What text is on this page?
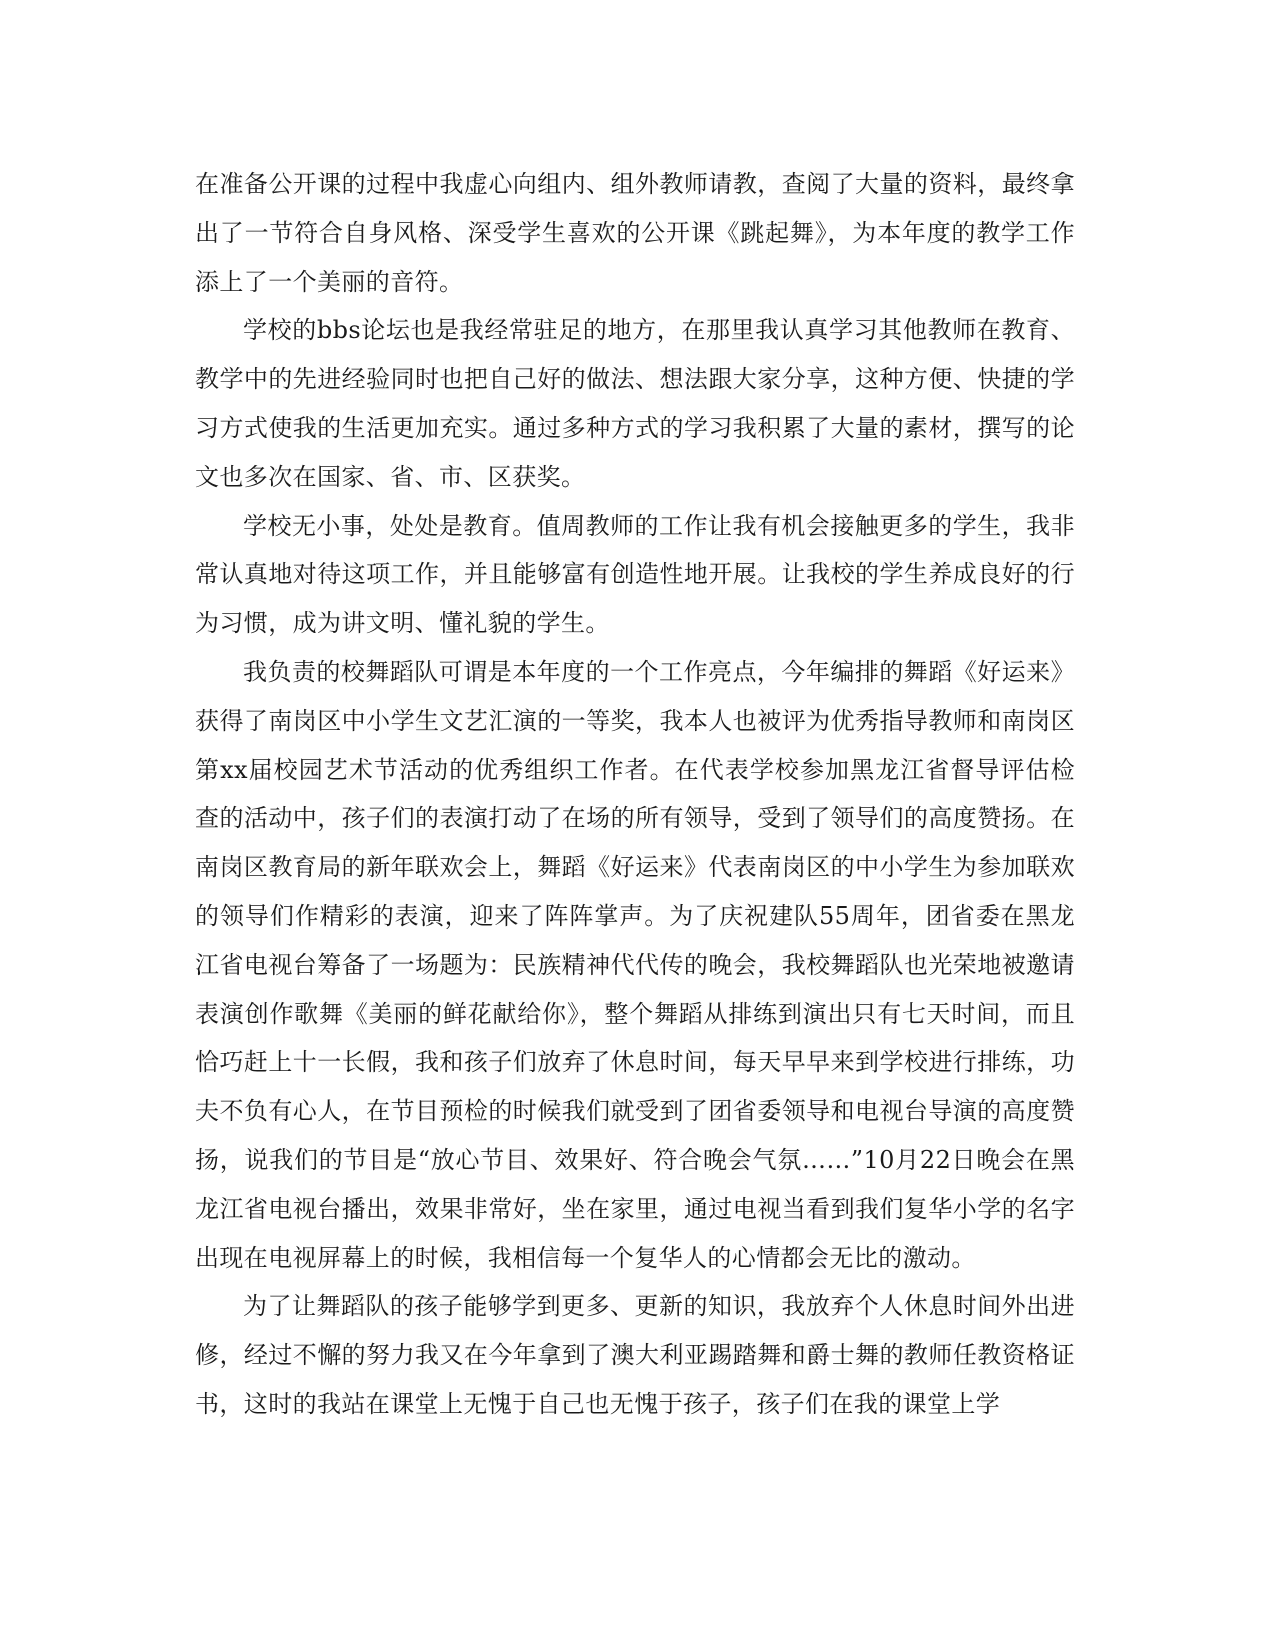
在准备公开课的过程中我虚心向组内、组外教师请教，查阅了大量的资料，最终拿出了一节符合自身风格、深受学生喜欢的公开课《跳起舞》，为本年度的教学工作添上了一个美丽的音符。

学校的bbs论坛也是我经常驻足的地方，在那里我认真学习其他教师在教育、教学中的先进经验同时也把自己好的做法、想法跟大家分享，这种方便、快捷的学习方式使我的生活更加充实。通过多种方式的学习我积累了大量的素材，撰写的论文也多次在国家、省、市、区获奖。

学校无小事，处处是教育。值周教师的工作让我有机会接触更多的学生，我非常认真地对待这项工作，并且能够富有创造性地开展。让我校的学生养成良好的行为习惯，成为讲文明、懂礼貌的学生。

我负责的校舞蹈队可谓是本年度的一个工作亮点，今年编排的舞蹈《好运来》获得了南岗区中小学生文艺汇演的一等奖，我本人也被评为优秀指导教师和南岗区第xx届校园艺术节活动的优秀组织工作者。在代表学校参加黑龙江省督导评估检查的活动中，孩子们的表演打动了在场的所有领导，受到了领导们的高度赞扬。在南岗区教育局的新年联欢会上，舞蹈《好运来》代表南岗区的中小学生为参加联欢的领导们作精彩的表演，迎来了阵阵掌声。为了庆祝建队55周年，团省委在黑龙江省电视台筹备了一场题为：民族精神代代传的晚会，我校舞蹈队也光荣地被邀请表演创作歌舞《美丽的鲜花献给你》，整个舞蹈从排练到演出只有七天时间，而且恰巧赶上十一长假，我和孩子们放弃了休息时间，每天早早来到学校进行排练，功夫不负有心人，在节目预检的时候我们就受到了团省委领导和电视台导演的高度赞扬，说我们的节目是“放心节目、效果好、符合晚会气氛……”10月22日晚会在黑龙江省电视台播出，效果非常好，坐在家里，通过电视当看到我们复华小学的名字出现在电视屏幕上的时候，我相信每一个复华人的心情都会无比的激动。

为了让舞蹈队的孩子能够学到更多、更新的知识，我放弃个人休息时间外出进修，经过不懈的努力我又在今年拿到了澳大利亚踢踏舞和爵士舞的教师任教资格证书，这时的我站在课堂上无愧于自己也无愧于孩子，孩子们在我的课堂上学
